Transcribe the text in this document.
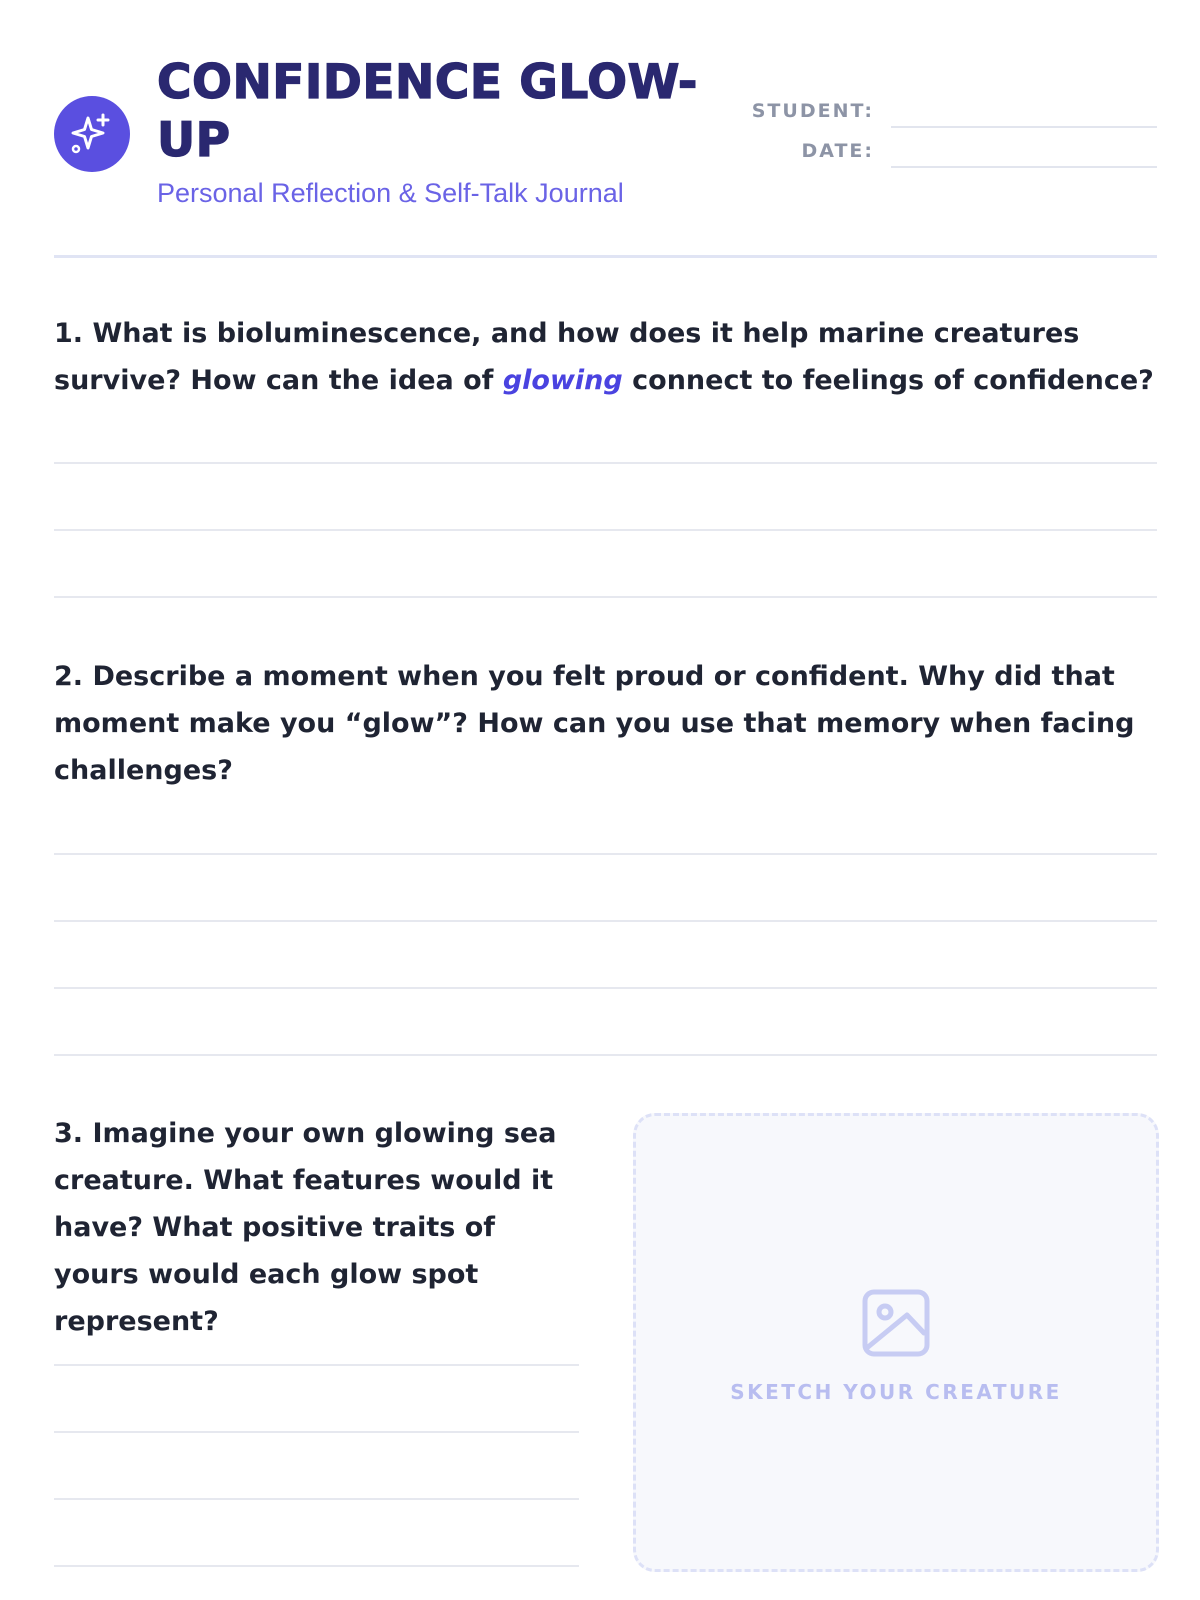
CONFIDENCE GLOW-UP
Personal Reflection & Self-Talk Journal
STUDENT:
DATE:

1. What is bioluminescence, and how does it help marine creatures survive? How can the idea of glowing connect to feelings of confidence?

2. Describe a moment when you felt proud or confident. Why did that moment make you “glow”? How can you use that memory when facing challenges?

3. Imagine your own glowing sea creature. What features would it have? What positive traits of yours would each glow spot represent?

SKETCH YOUR CREATURE
